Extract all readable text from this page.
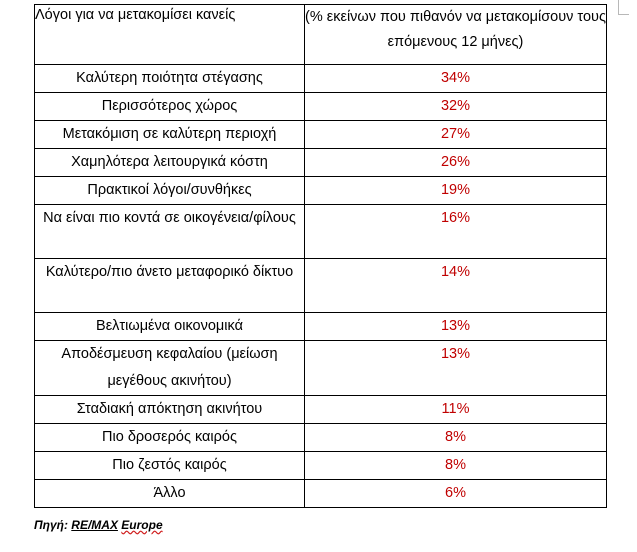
Λόγοι για να μετακομίσει κανείς	(% εκείνων που πιθανόν να μετακομίσουν τους επόμενους 12 μήνες)
Καλύτερη ποιότητα στέγασης	34%
Περισσότερος χώρος	32%
Μετακόμιση σε καλύτερη περιοχή	27%
Χαμηλότερα λειτουργικά κόστη	26%
Πρακτικοί λόγοι/συνθήκες	19%
Να είναι πιο κοντά σε οικογένεια/φίλους	16%
Καλύτερο/πιο άνετο μεταφορικό δίκτυο	14%
Βελτιωμένα οικονομικά	13%
Αποδέσμευση κεφαλαίου (μείωση μεγέθους ακινήτου)	13%
Σταδιακή απόκτηση ακινήτου	11%
Πιο δροσερός καιρός	8%
Πιο ζεστός καιρός	8%
Άλλο	6%
Πηγή: RE/MAX Europe
